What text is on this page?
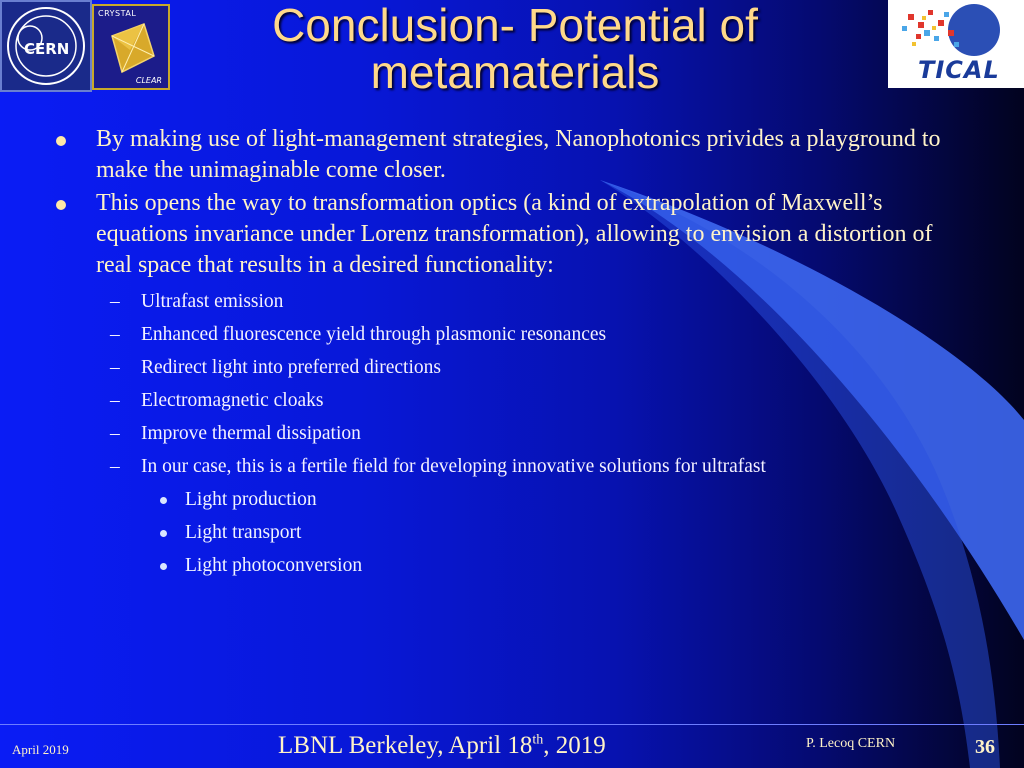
CERN
CRYSTAL
CLEAR
Conclusion- Potential of metamaterials	TICAL
By making use of light-management strategies, Nanophotonics privides a playground to make the unimaginable come closer.
This opens the way to transformation optics (a kind of extrapolation of Maxwell’s equations invariance under Lorenz transformation), allowing to envision a distortion of real space that results in a desired functionality:
– Ultrafast emission
– Enhanced fluorescence yield through plasmonic resonances
– Redirect light into preferred directions
– Electromagnetic cloaks
– Improve thermal dissipation
– In our case, this is a fertile field for developing innovative solutions for ultrafast
Light production
Light transport
Light photoconversion
April 2019	LBNL Berkeley, April 18th, 2019	P. Lecoq CERN	36
